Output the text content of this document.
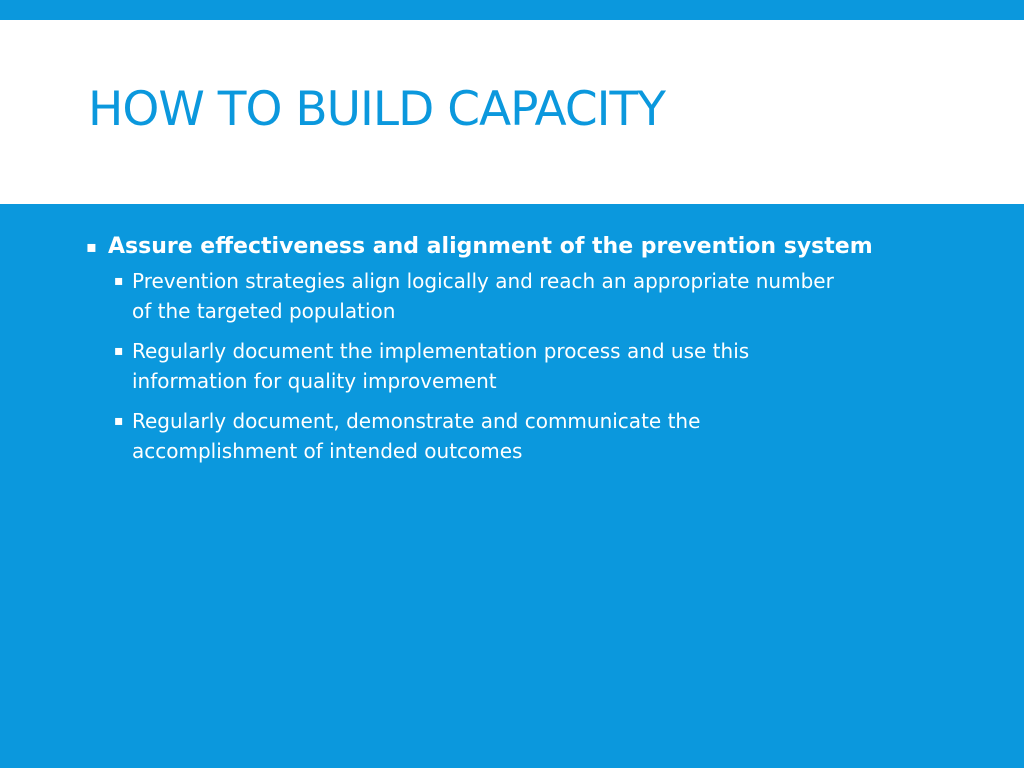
HOW TO BUILD CAPACITY
▪ Assure effectiveness and alignment of the prevention system
▪ Prevention strategies align logically and reach an appropriate number of the targeted population
▪ Regularly document the implementation process and use this information for quality improvement
▪ Regularly document, demonstrate and communicate the accomplishment of intended outcomes
